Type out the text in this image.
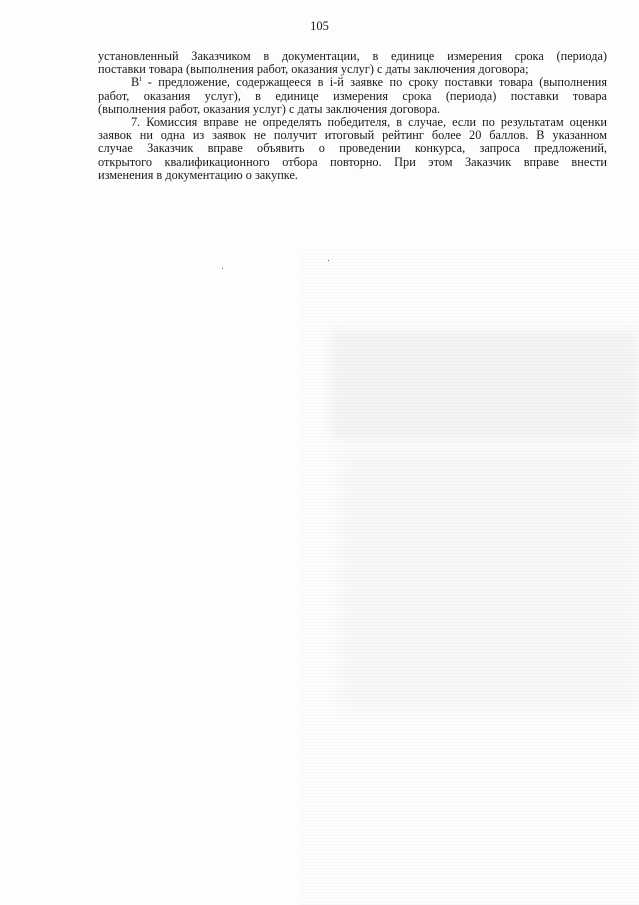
105
установленный Заказчиком в документации, в единице измерения срока (периода)
поставки товара (выполнения работ, оказания услуг) с даты заключения договора;
$B^i$ - предложение, содержащееся в i-й заявке по сроку поставки товара (выполнения
работ, оказания услуг), в единице измерения срока (периода) поставки товара
(выполнения работ, оказания услуг) с даты заключения договора.
7. Комиссия вправе не определять победителя, в случае, если по результатам оценки
заявок ни одна из заявок не получит итоговый рейтинг более 20 баллов. В указанном
случае Заказчик вправе объявить о проведении конкурса, запроса предложений,
открытого квалификационного отбора повторно. При этом Заказчик вправе внести
изменения в документацию о закупке.
